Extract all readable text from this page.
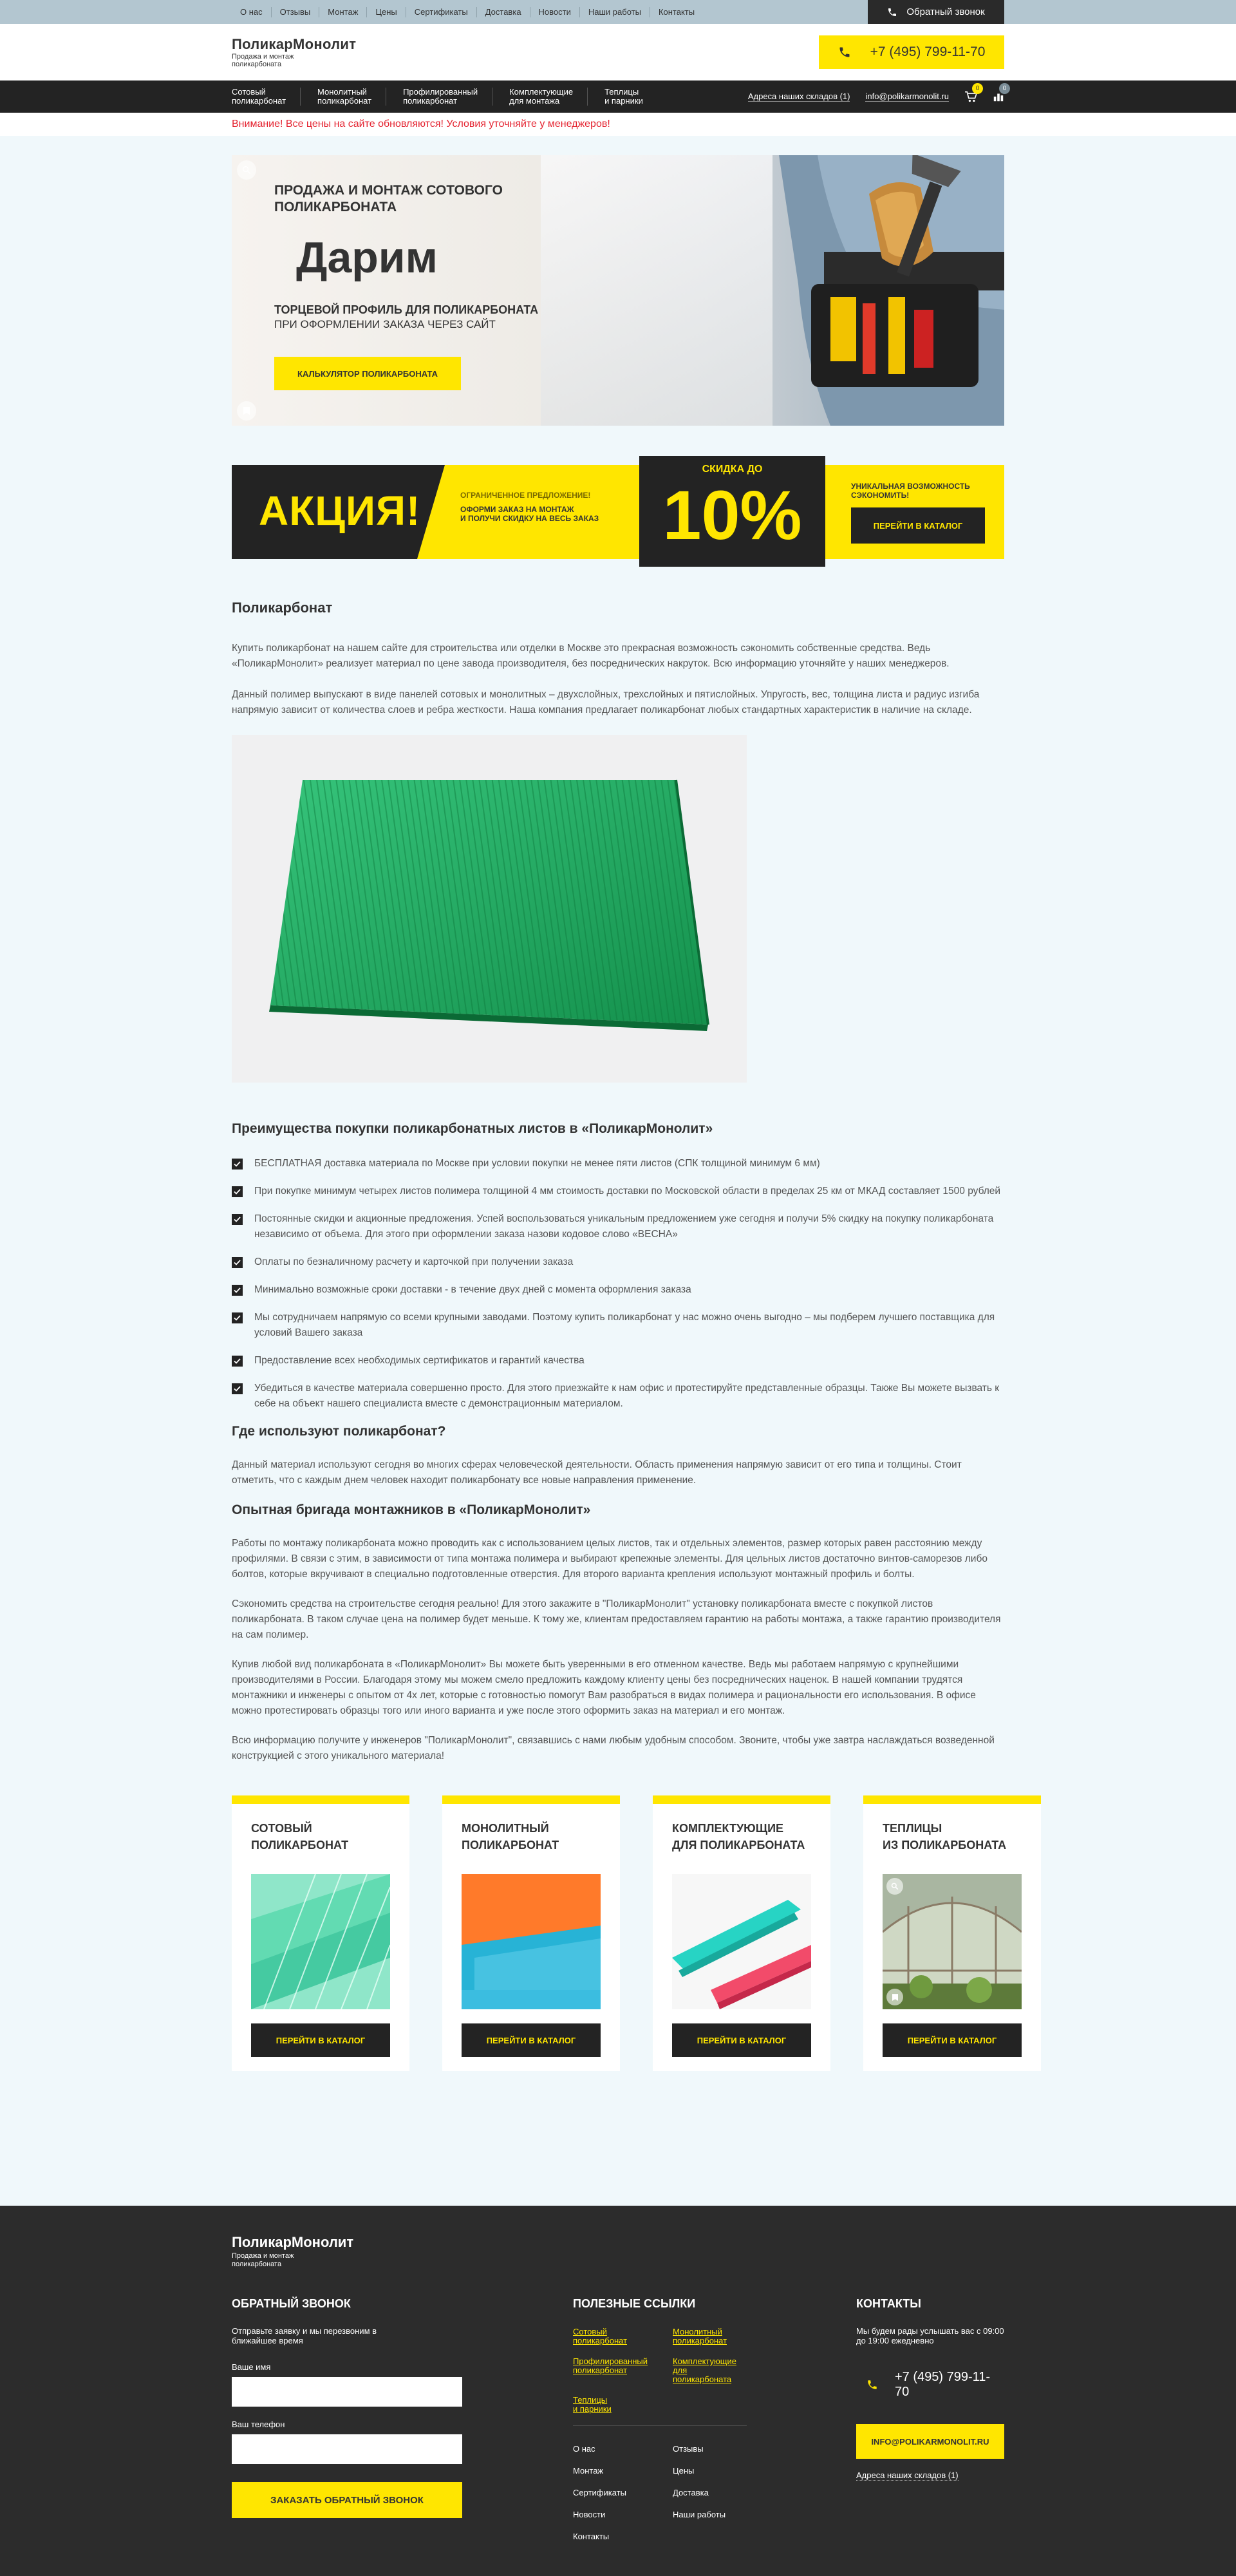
О нас	Отзывы	Монтаж	Цены	Сертификаты	Доставка	Новости	Наши работы	Контакты	Обратный звонок
ПоликарМонолит
Продажа и монтаж поликарбоната
+7 (495) 799-11-70
Сотовый
поликарбонат
Монолитный
поликарбонат
Профилированный
поликарбонат
Комплектующие
для монтажа
Теплицы
и парники	Адреса наших складов (1) info@polikarmonolit.ru
0	0
Внимание! Все цены на сайте обновляются! Условия уточняйте у менеджеров!
ПРОДАЖА И МОНТАЖ СОТОВОГО ПОЛИКАРБОНАТА
Дарим
ТОРЦЕВОЙ ПРОФИЛЬ ДЛЯ ПОЛИКАРБОНАТА
ПРИ ОФОРМЛЕНИИ ЗАКАЗА ЧЕРЕЗ САЙТ
КАЛЬКУЛЯТОР ПОЛИКАРБОНАТА
АКЦИЯ!	ОГРАНИЧЕННОЕ ПРЕДЛОЖЕНИЕ!
ОФОРМИ ЗАКАЗ НА МОНТАЖ
И ПОЛУЧИ СКИДКУ НА ВЕСЬ ЗАКАЗ
СКИДКА ДО
10%	УНИКАЛЬНАЯ ВОЗМОЖНОСТЬ СЭКОНОМИТЬ!
ПЕРЕЙТИ В КАТАЛОГ
Поликарбонат

Купить поликарбонат на нашем сайте для строительства или отделки в Москве это прекрасная возможность сэкономить собственные средства. Ведь «ПоликарМонолит» реализует материал по цене завода производителя, без посреднических накруток. Всю информацию уточняйте у наших менеджеров.

Данный полимер выпускают в виде панелей сотовых и монолитных – двухслойных, трехслойных и пятислойных. Упругость, вес, толщина листа и радиус изгиба напрямую зависит от количества слоев и ребра жесткости. Наша компания предлагает поликарбонат любых стандартных характеристик в наличие на складе.

Преимущества покупки поликарбонатных листов в «ПоликарМонолит»
БЕСПЛАТНАЯ доставка материала по Москве при условии покупки не менее пяти листов (СПК толщиной минимум 6 мм)
При покупке минимум четырех листов полимера толщиной 4 мм стоимость доставки по Московской области в пределах 25 км от МКАД составляет 1500 рублей
Постоянные скидки и акционные предложения. Успей воспользоваться уникальным предложением уже сегодня и получи 5% скидку на покупку поликарбоната независимо от объема. Для этого при оформлении заказа назови кодовое слово «ВЕСНА»
Оплаты по безналичному расчету и карточкой при получении заказа
Минимально возможные сроки доставки - в течение двух дней с момента оформления заказа
Мы сотрудничаем напрямую со всеми крупными заводами. Поэтому купить поликарбонат у нас можно очень выгодно – мы подберем лучшего поставщика для условий Вашего заказа
Предоставление всех необходимых сертификатов и гарантий качества
Убедиться в качестве материала совершенно просто. Для этого приезжайте к нам офис и протестируйте представленные образцы. Также Вы можете вызвать к себе на объект нашего специалиста вместе с демонстрационным материалом.
Где используют поликарбонат?

Данный материал используют сегодня во многих сферах человеческой деятельности. Область применения напрямую зависит от его типа и толщины. Стоит отметить, что с каждым днем человек находит поликарбонату все новые направления применение.

Опытная бригада монтажников в «ПоликарМонолит»

Работы по монтажу поликарбоната можно проводить как с использованием целых листов, так и отдельных элементов, размер которых равен расстоянию между профилями. В связи с этим, в зависимости от типа монтажа полимера и выбирают крепежные элементы. Для цельных листов достаточно винтов-саморезов либо болтов, которые вкручивают в специально подготовленные отверстия. Для второго варианта крепления используют монтажный профиль и болты.

Сэкономить средства на строительстве сегодня реально! Для этого закажите в "ПоликарМонолит" установку поликарбоната вместе с покупкой листов поликарбоната. В таком случае цена на полимер будет меньше. К тому же, клиентам предоставляем гарантию на работы монтажа, а также гарантию производителя на сам полимер.

Купив любой вид поликарбоната в «ПоликарМонолит» Вы можете быть уверенными в его отменном качестве. Ведь мы работаем напрямую с крупнейшими производителями в России. Благодаря этому мы можем смело предложить каждому клиенту цены без посреднических наценок. В нашей компании трудятся монтажники и инженеры с опытом от 4х лет, которые с готовностью помогут Вам разобраться в видах полимера и рациональности его использования. В офисе можно протестировать образцы того или иного варианта и уже после этого оформить заказ на материал и его монтаж.

Всю информацию получите у инженеров "ПоликарМонолит", связавшись с нами любым удобным способом. Звоните, чтобы уже завтра наслаждаться возведенной конструкцией с этого уникального материала!

СОТОВЫЙ
ПОЛИКАРБОНАТ
ПЕРЕЙТИ В КАТАЛОГ
МОНОЛИТНЫЙ
ПОЛИКАРБОНАТ
ПЕРЕЙТИ В КАТАЛОГ
КОМПЛЕКТУЮЩИЕ
ДЛЯ ПОЛИКАРБОНАТА
ПЕРЕЙТИ В КАТАЛОГ
ТЕПЛИЦЫ
ИЗ ПОЛИКАРБОНАТА
ПЕРЕЙТИ В КАТАЛОГ
ПоликарМонолит
Продажа и монтаж поликарбоната
ОБРАТНЫЙ ЗВОНОК
Отправьте заявку и мы перезвоним в ближайшее время
Ваше имя
Ваш телефон
ЗАКАЗАТЬ ОБРАТНЫЙ ЗВОНОК
ПОЛЕЗНЫЕ ССЫЛКИ
Сотовый
поликарбонат
Монолитный
поликарбонат
Профилированный
поликарбонат
Комплектующие
для
поликарбоната
Теплицы
и парники
О нас	Отзывы
Монтаж	Цены
Сертификаты	Доставка
Новости	Наши работы
Контакты
КОНТАКТЫ
Мы будем рады услышать вас с 09:00 до 19:00 ежедневно
+7 (495) 799-11-70
INFO@POLIKARMONOLIT.RU
Адреса наших складов (1)
